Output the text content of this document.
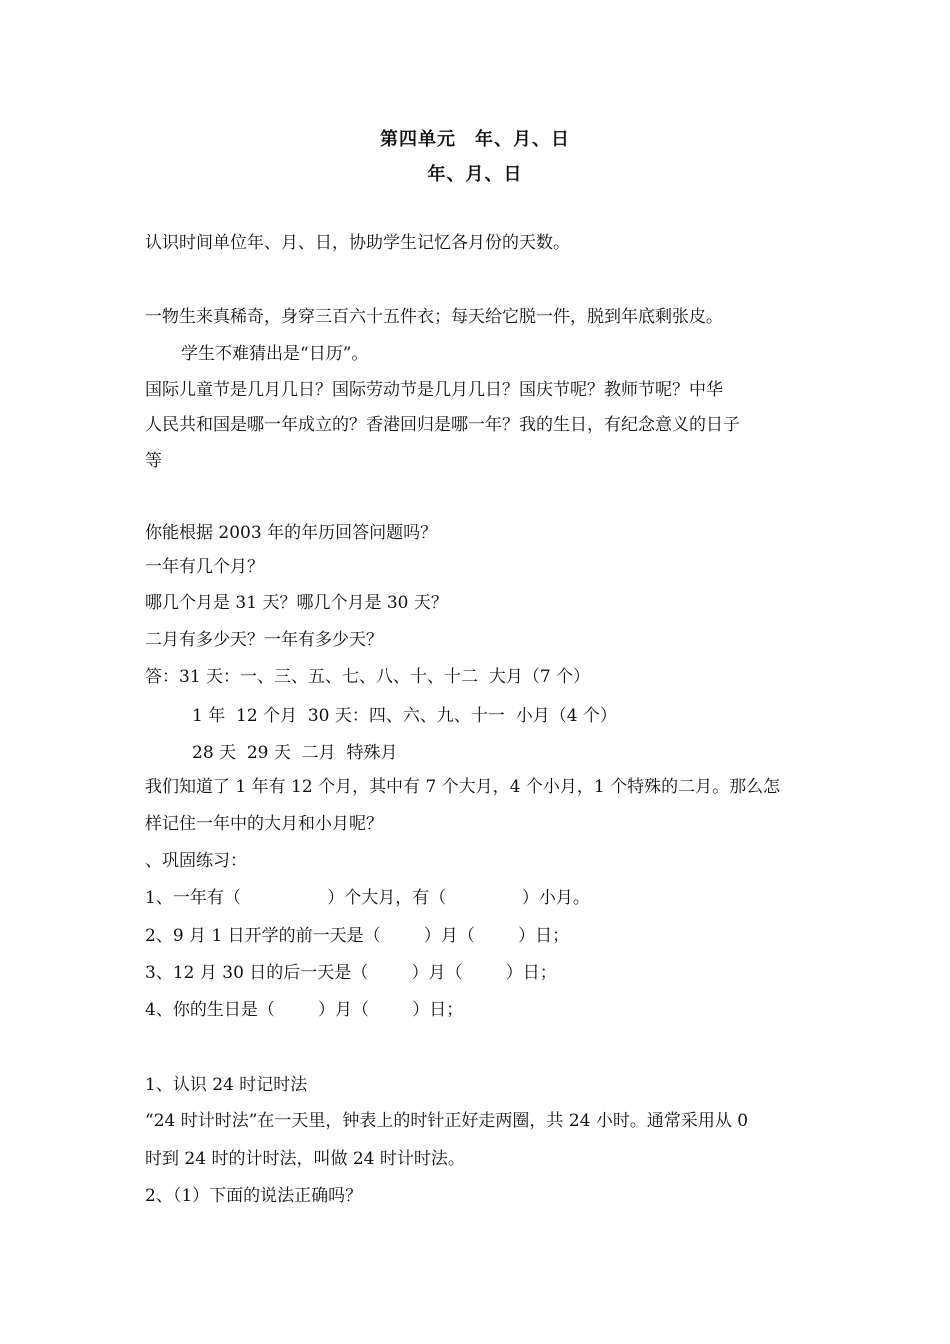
第四单元　年、月、日
年、月、日
认识时间单位年、月、日，协助学生记忆各月份的天数。
一物生来真稀奇，身穿三百六十五件衣；每天给它脱一件，脱到年底剩张皮。
学生不难猜出是“日历”。
国际儿童节是几月几日？国际劳动节是几月几日？国庆节呢？教师节呢？中华
人民共和国是哪一年成立的？香港回归是哪一年？我的生日，有纪念意义的日子
等
你能根据 2003 年的年历回答问题吗？
一年有几个月？
哪几个月是 31 天？哪几个月是 30 天？
二月有多少天？一年有多少天？
答：31 天：一、三、五、七、八、十、十二  大月（7 个）
1 年  12 个月  30 天：四、六、九、十一  小月（4 个）
28 天  29 天  二月  特殊月
我们知道了 1 年有 12 个月，其中有 7 个大月，4 个小月，1 个特殊的二月。那么怎
样记住一年中的大月和小月呢？
、巩固练习：
1、一年有（                ）个大月，有（              ）小月。
2、9 月 1 日开学的前一天是（        ）月（        ）日；
3、12 月 30 日的后一天是（        ）月（        ）日；
4、你的生日是（        ）月（        ）日；
1、认识 24 时记时法
“24 时计时法”在一天里，钟表上的时针正好走两圈，共 24 小时。通常采用从 0
时到 24 时的计时法，叫做 24 时计时法。
2、（1）下面的说法正确吗？
